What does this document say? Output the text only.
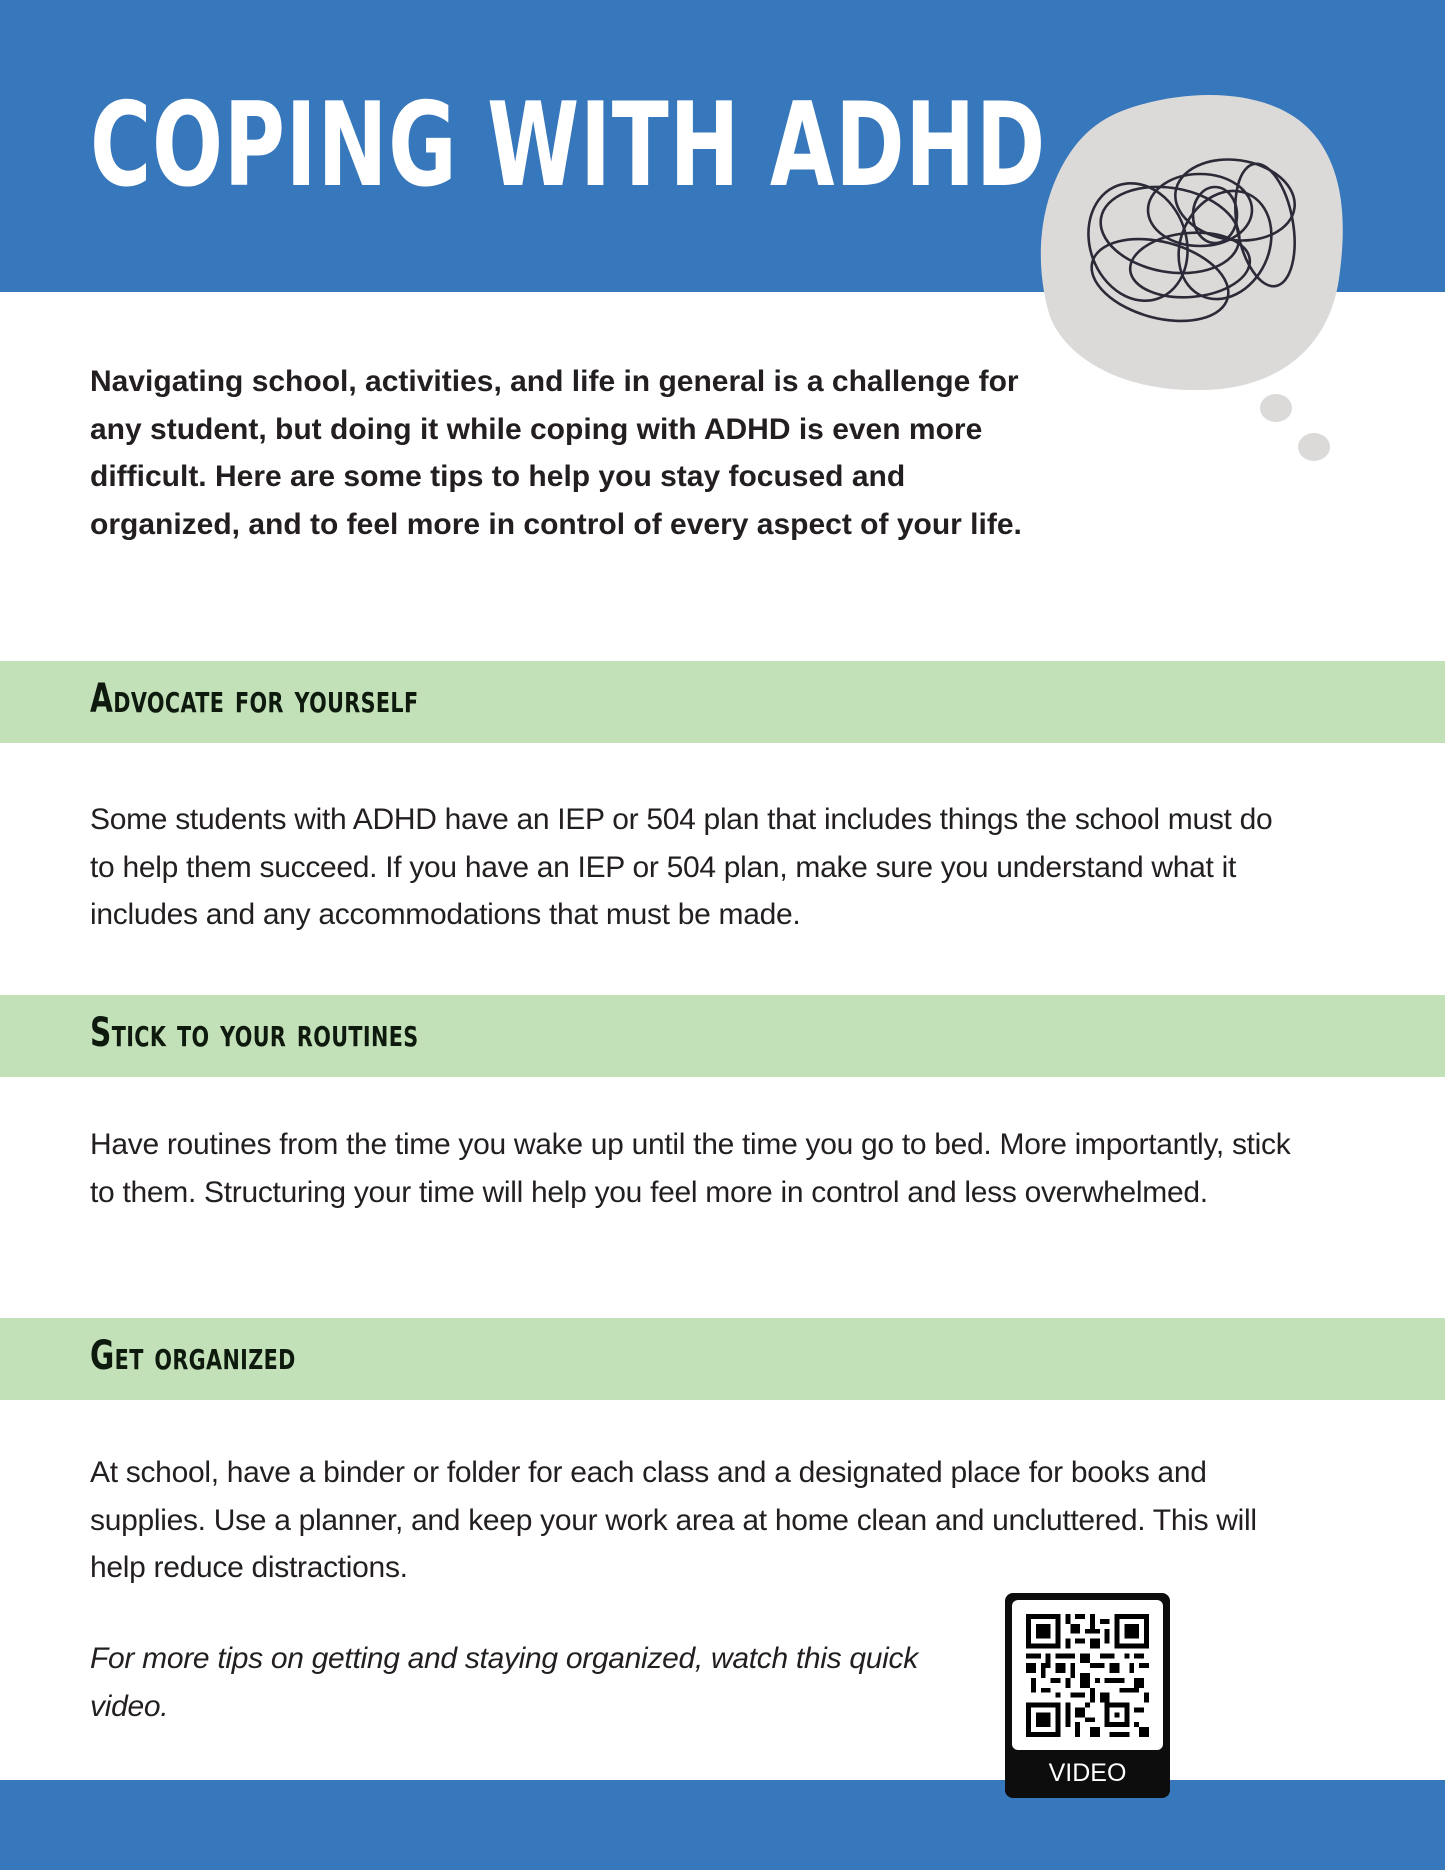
COPING WITH ADHD

Navigating school, activities, and life in general is a challenge for any student, but doing it while coping with ADHD is even more difficult. Here are some tips to help you stay focused and organized, and to feel more in control of every aspect of your life.

Advocate for yourself

Some students with ADHD have an IEP or 504 plan that includes things the school must do to help them succeed. If you have an IEP or 504 plan, make sure you understand what it includes and any accommodations that must be made.

Stick to your routines

Have routines from the time you wake up until the time you go to bed. More importantly, stick to them. Structuring your time will help you feel more in control and less overwhelmed.

Get organized

At school, have a binder or folder for each class and a designated place for books and supplies. Use a planner, and keep your work area at home clean and uncluttered. This will help reduce distractions.

For more tips on getting and staying organized, watch this quick video.

VIDEO
